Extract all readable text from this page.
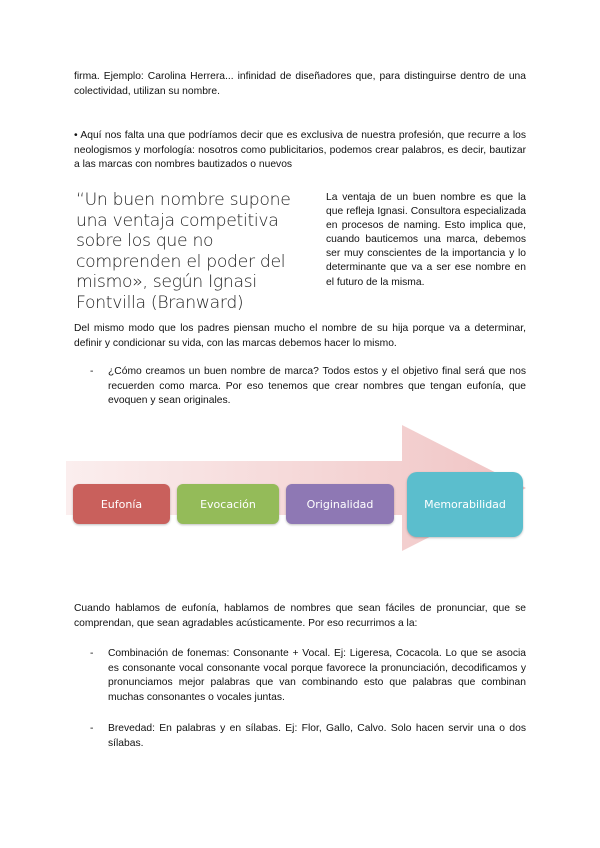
firma. Ejemplo: Carolina Herrera... infinidad de diseñadores que, para distinguirse dentro de una colectividad, utilizan su nombre.

• Aquí nos falta una que podríamos decir que es exclusiva de nuestra profesión, que recurre a los neologismos y morfología: nosotros como publicitarios, podemos crear palabros, es decir, bautizar a las marcas con nombres bautizados o nuevos

“Un buen nombre supone una ventaja competitiva sobre los que no comprenden el poder del mismo», según Ignasi Fontvilla (Branward)
La ventaja de un buen nombre es que la que refleja Ignasi. Consultora especializada en procesos de naming. Esto implica que, cuando bauticemos una marca, debemos ser muy conscientes de la importancia y lo determinante que va a ser ese nombre en el futuro de la misma.

Del mismo modo que los padres piensan mucho el nombre de su hija porque va a determinar, definir y condicionar su vida, con las marcas debemos hacer lo mismo.

- ¿Cómo creamos un buen nombre de marca? Todos estos y el objetivo final será que nos recuerden como marca. Por eso tenemos que crear nombres que tengan eufonía, que evoquen y sean originales.
Eufonía	Evocación	Originalidad	Memorabilidad

Cuando hablamos de eufonía, hablamos de nombres que sean fáciles de pronunciar, que se comprendan, que sean agradables acústicamente. Por eso recurrimos a la:

- Combinación de fonemas: Consonante + Vocal. Ej: Ligeresa, Cocacola. Lo que se asocia es consonante vocal consonante vocal porque favorece la pronunciación, decodificamos y pronunciamos mejor palabras que van combinando esto que palabras que combinan muchas consonantes o vocales juntas.
- Brevedad: En palabras y en sílabas. Ej: Flor, Gallo, Calvo. Solo hacen servir una o dos sílabas.
